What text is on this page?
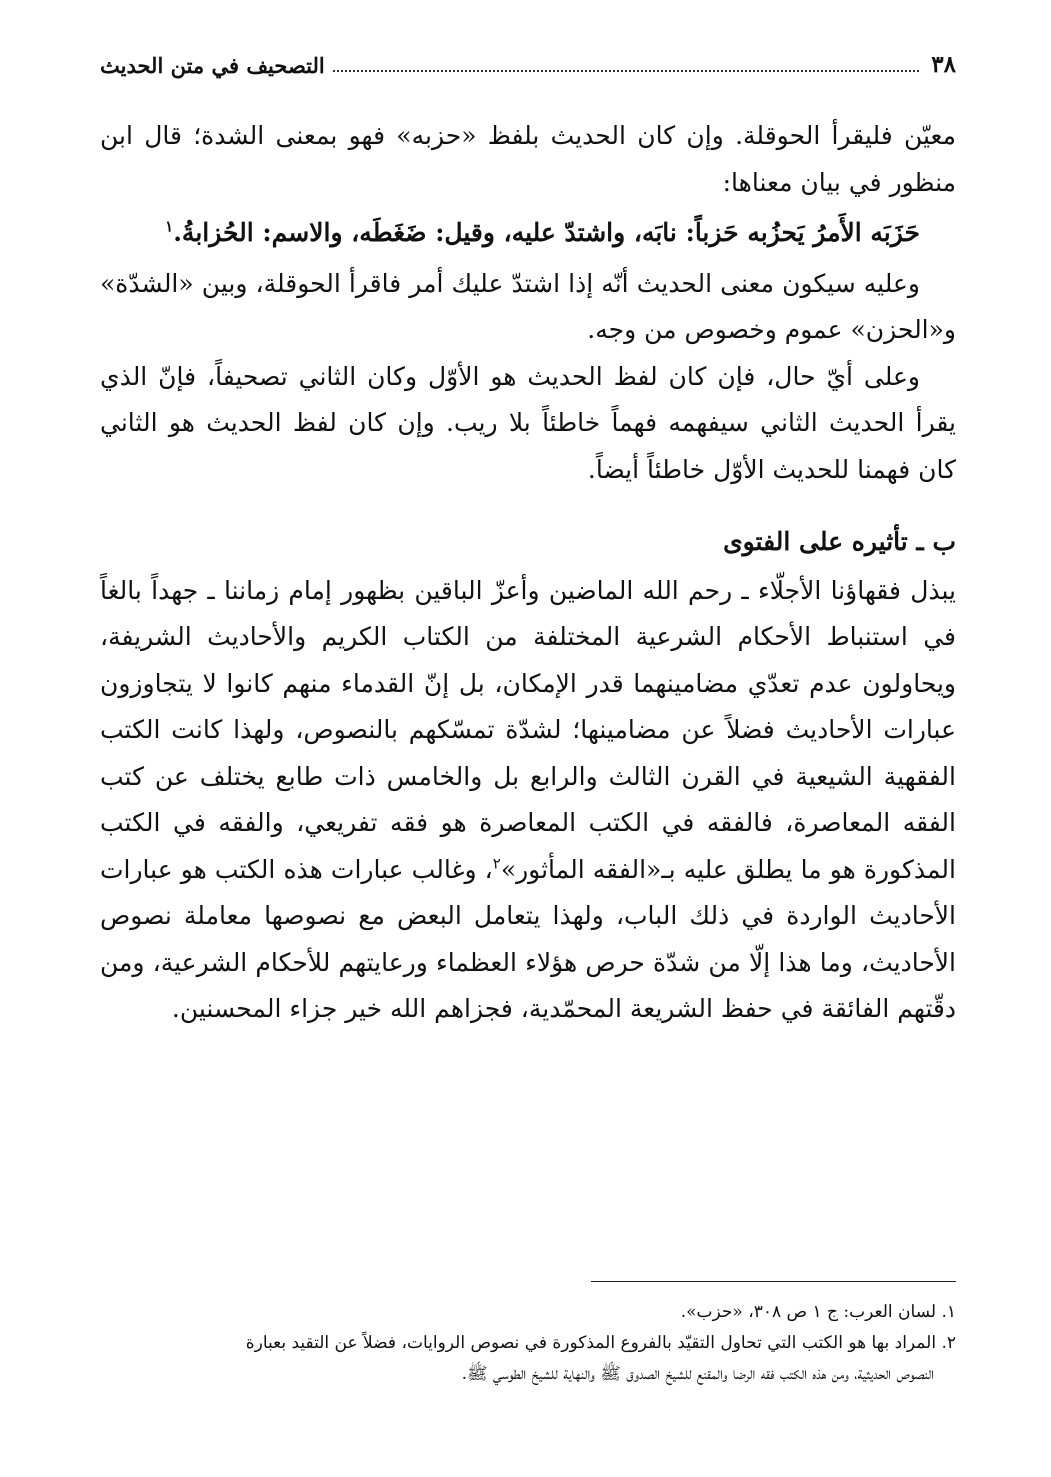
٣٨
التصحيف في متن الحديث

معيّن فليقرأ الحوقلة. وإن كان الحديث بلفظ «حزبه» فهو بمعنى الشدة؛ قال ابن منظور في بيان معناها:

حَزَبَه الأَمرُ يَحزُبه حَزباً: نابَه، واشتدّ عليه، وقيل: ضَغَطَه، والاسم: الحُزابةُ.$^١$

وعليه سيكون معنى الحديث أنّه إذا اشتدّ عليك أمر فاقرأ الحوقلة، وبين «الشدّة» و«الحزن» عموم وخصوص من وجه.

وعلى أيّ حال، فإن كان لفظ الحديث هو الأوّل وكان الثاني تصحيفاً، فإنّ الذي يقرأ الحديث الثاني سيفهمه فهماً خاطئاً بلا ريب. وإن كان لفظ الحديث هو الثاني كان فهمنا للحديث الأوّل خاطئاً أيضاً.

ب ـ تأثيره على الفتوى

يبذل فقهاؤنا الأجلّاء ـ رحم الله الماضين وأعزّ الباقين بظهور إمام زماننا ـ جهداً بالغاً في استنباط الأحكام الشرعية المختلفة من الكتاب الكريم والأحاديث الشريفة، ويحاولون عدم تعدّي مضامينهما قدر الإمكان، بل إنّ القدماء منهم كانوا لا يتجاوزون عبارات الأحاديث فضلاً عن مضامينها؛ لشدّة تمسّكهم بالنصوص، ولهذا كانت الكتب الفقهية الشيعية في القرن الثالث والرابع بل والخامس ذات طابع يختلف عن كتب الفقه المعاصرة، فالفقه في الكتب المعاصرة هو فقه تفريعي، والفقه في الكتب المذكورة هو ما يطلق عليه بـ«الفقه المأثور»$^٢$، وغالب عبارات هذه الكتب هو عبارات الأحاديث الواردة في ذلك الباب، ولهذا يتعامل البعض مع نصوصها معاملة نصوص الأحاديث، وما هذا إلّا من شدّة حرص هؤلاء العظماء ورعايتهم للأحكام الشرعية، ومن دقّتهم الفائقة في حفظ الشريعة المحمّدية، فجزاهم الله خير جزاء المحسنين.

١. لسان العرب: ج ١ ص ٣٠٨، «حزب».

٢. المراد بها هو الكتب التي تحاول التقيّد بالفروع المذكورة في نصوص الروايات، فضلاً عن التقيد بعبارة

النصوص الحديثية، ومن هذه الكتب فقه الرضا والمقنع للشيخ الصدوق ﷺ والنهاية للشيخ الطوسي ﷺ.
